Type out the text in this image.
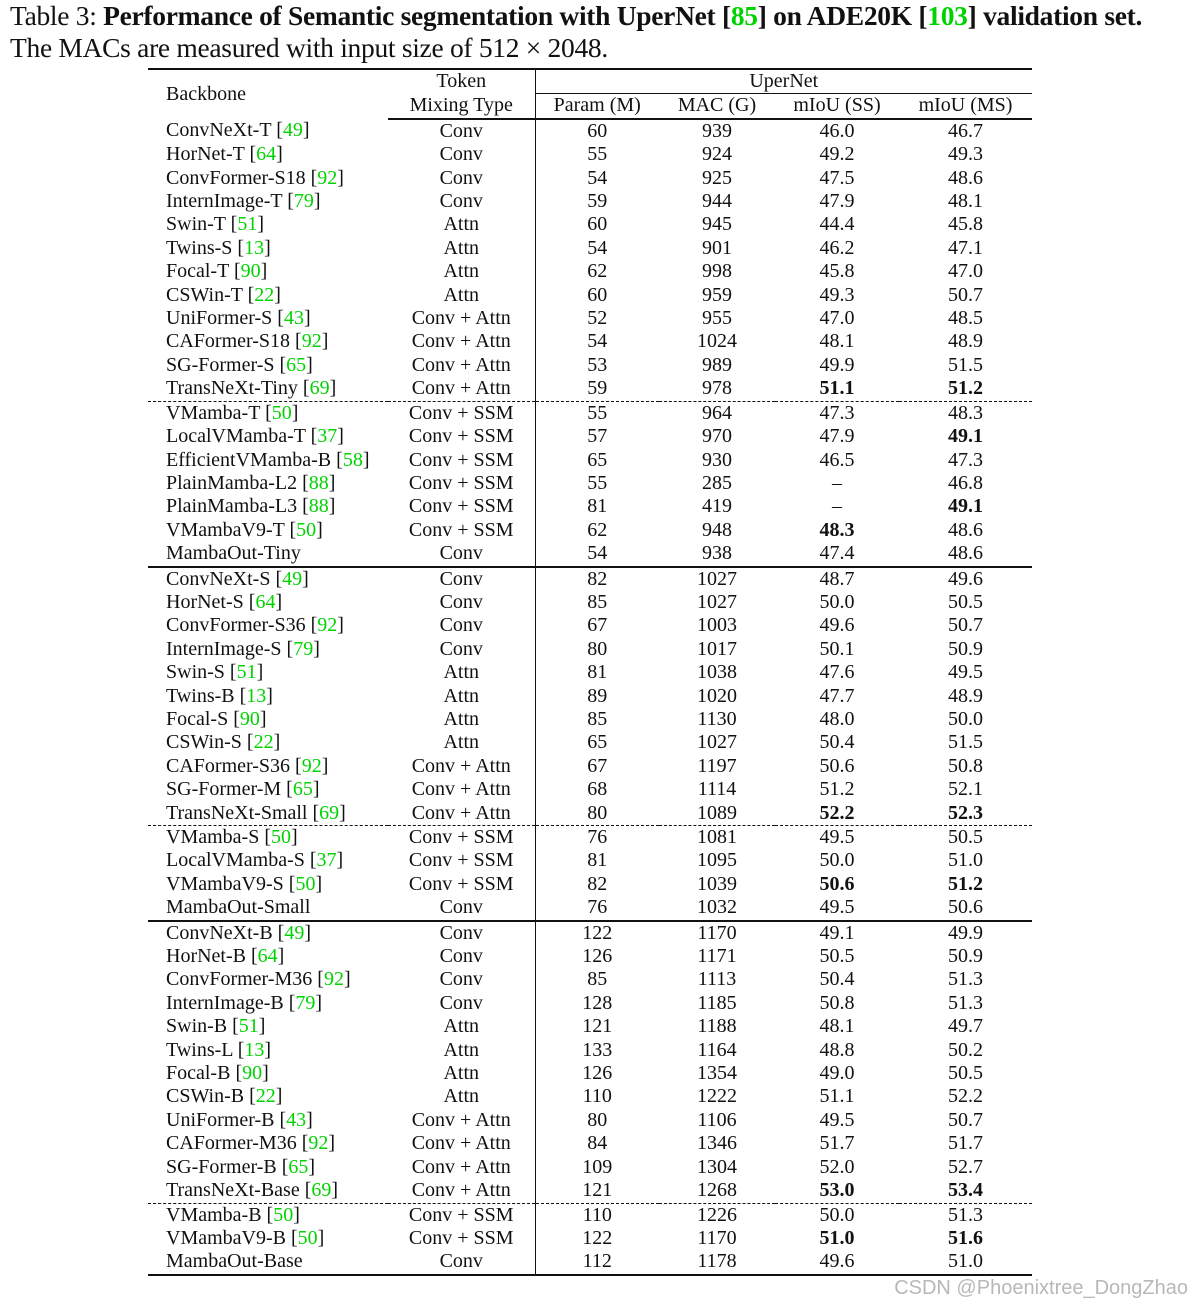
Table 3: Performance of Semantic segmentation with UperNet [85] on ADE20K [103] validation set. The MACs are measured with input size of 512 × 2048.
Backbone	Token	UperNet			
	Mixing Type	Param (M)	MAC (G)	mIoU (SS)	mIoU (MS)
ConvNeXt-T [49]	Conv	60	939	46.0	46.7
HorNet-T [64]	Conv	55	924	49.2	49.3
ConvFormer-S18 [92]	Conv	54	925	47.5	48.6
InternImage-T [79]	Conv	59	944	47.9	48.1
Swin-T [51]	Attn	60	945	44.4	45.8
Twins-S [13]	Attn	54	901	46.2	47.1
Focal-T [90]	Attn	62	998	45.8	47.0
CSWin-T [22]	Attn	60	959	49.3	50.7
UniFormer-S [43]	Conv + Attn	52	955	47.0	48.5
CAFormer-S18 [92]	Conv + Attn	54	1024	48.1	48.9
SG-Former-S [65]	Conv + Attn	53	989	49.9	51.5
TransNeXt-Tiny [69]	Conv + Attn	59	978	51.1	51.2
VMamba-T [50]	Conv + SSM	55	964	47.3	48.3
LocalVMamba-T [37]	Conv + SSM	57	970	47.9	49.1
EfficientVMamba-B [58]	Conv + SSM	65	930	46.5	47.3
PlainMamba-L2 [88]	Conv + SSM	55	285	–	46.8
PlainMamba-L3 [88]	Conv + SSM	81	419	–	49.1
VMambaV9-T [50]	Conv + SSM	62	948	48.3	48.6
MambaOut-Tiny	Conv	54	938	47.4	48.6
ConvNeXt-S [49]	Conv	82	1027	48.7	49.6
HorNet-S [64]	Conv	85	1027	50.0	50.5
ConvFormer-S36 [92]	Conv	67	1003	49.6	50.7
InternImage-S [79]	Conv	80	1017	50.1	50.9
Swin-S [51]	Attn	81	1038	47.6	49.5
Twins-B [13]	Attn	89	1020	47.7	48.9
Focal-S [90]	Attn	85	1130	48.0	50.0
CSWin-S [22]	Attn	65	1027	50.4	51.5
CAFormer-S36 [92]	Conv + Attn	67	1197	50.6	50.8
SG-Former-M [65]	Conv + Attn	68	1114	51.2	52.1
TransNeXt-Small [69]	Conv + Attn	80	1089	52.2	52.3
VMamba-S [50]	Conv + SSM	76	1081	49.5	50.5
LocalVMamba-S [37]	Conv + SSM	81	1095	50.0	51.0
VMambaV9-S [50]	Conv + SSM	82	1039	50.6	51.2
MambaOut-Small	Conv	76	1032	49.5	50.6
ConvNeXt-B [49]	Conv	122	1170	49.1	49.9
HorNet-B [64]	Conv	126	1171	50.5	50.9
ConvFormer-M36 [92]	Conv	85	1113	50.4	51.3
InternImage-B [79]	Conv	128	1185	50.8	51.3
Swin-B [51]	Attn	121	1188	48.1	49.7
Twins-L [13]	Attn	133	1164	48.8	50.2
Focal-B [90]	Attn	126	1354	49.0	50.5
CSWin-B [22]	Attn	110	1222	51.1	52.2
UniFormer-B [43]	Conv + Attn	80	1106	49.5	50.7
CAFormer-M36 [92]	Conv + Attn	84	1346	51.7	51.7
SG-Former-B [65]	Conv + Attn	109	1304	52.0	52.7
TransNeXt-Base [69]	Conv + Attn	121	1268	53.0	53.4
VMamba-B [50]	Conv + SSM	110	1226	50.0	51.3
VMambaV9-B [50]	Conv + SSM	122	1170	51.0	51.6
MambaOut-Base	Conv	112	1178	49.6	51.0
CSDN @Phoenixtree_DongZhao
